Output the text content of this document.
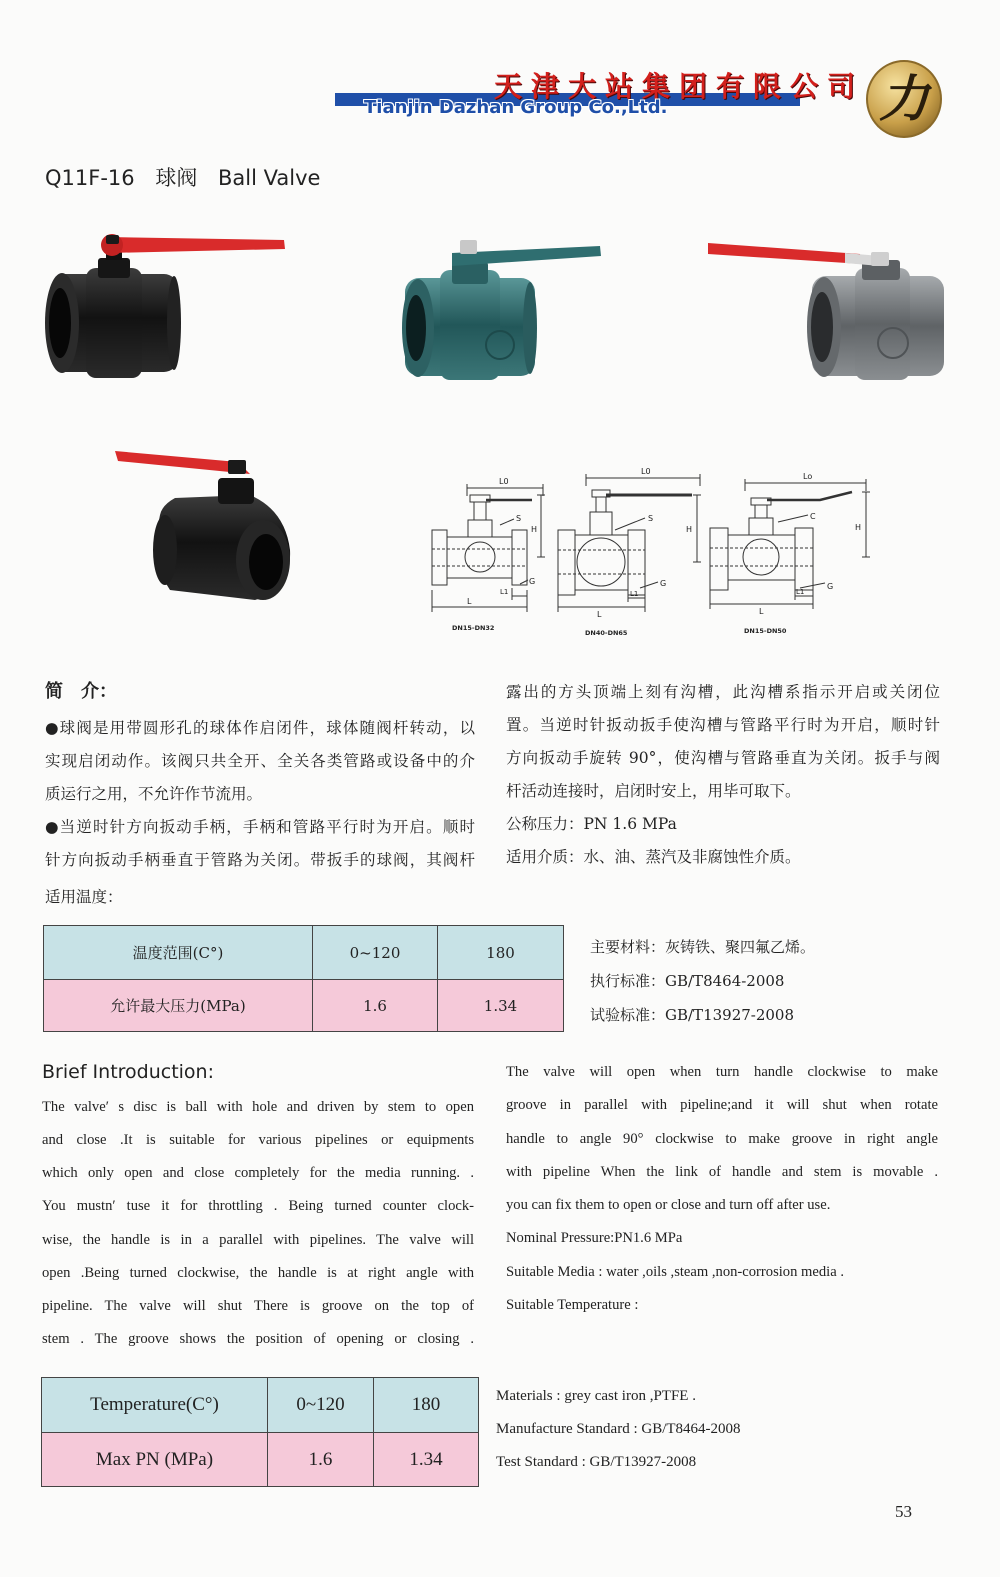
天津大站集团有限公司
Tianjin Dazhan Group Co.,Ltd.	力
Q11F-16 球阀 Ball Valve
L0
S
H
G
L1
L
DN15-DN32
L0
S
H
G
L1
L
DN40-DN65
Lo
C
H
G
L1
L
DN15-DN50
简　介：
●球阀是用带圆形孔的球体作启闭件，球体随阀杆转动，以
实现启闭动作。该阀只共全开、全关各类管路或设备中的介
质运行之用，不允许作节流用。
●当逆时针方向扳动手柄，手柄和管路平行时为开启。顺时
针方向扳动手柄垂直于管路为关闭。带扳手的球阀，其阀杆
适用温度：
露出的方头顶端上刻有沟槽，此沟槽系指示开启或关闭位
置。当逆时针扳动扳手使沟槽与管路平行时为开启，顺时针
方向扳动手旋转 90°，使沟槽与管路垂直为关闭。扳手与阀
杆活动连接时，启闭时安上，用毕可取下。
公称压力：PN 1.6 MPa
适用介质：水、油、蒸汽及非腐蚀性介质。
温度范围(C°)	0~120	180
允许最大压力(MPa)	1.6	1.34
主要材料：灰铸铁、聚四氟乙烯。
执行标准：GB/T8464-2008
试验标准：GB/T13927-2008
Brief Introduction:
The valve′ s disc is ball with hole and driven by stem to open
and close .It is suitable for various pipelines or equipments
which only open and close completely for the media running. .
You mustn′ tuse it for throttling . Being turned counter clock-
wise, the handle is in a parallel with pipelines. The valve will
open .Being turned clockwise, the handle is at right angle with
pipeline. The valve will shut There is groove on the top of
stem . The groove shows the position of opening or closing .
The valve will open when turn handle clockwise to make
groove in parallel with pipeline;and it will shut when rotate
handle to angle 90° clockwise to make groove in right angle
with pipeline When the link of handle and stem is movable .
you can fix them to open or close and turn off after use.
Nominal Pressure:PN1.6 MPa
Suitable Media : water ,oils ,steam ,non-corrosion media .
Suitable Temperature :
Temperature(C°)	0~120	180
Max PN (MPa)	1.6	1.34
Materials : grey cast iron ,PTFE .
Manufacture Standard : GB/T8464-2008
Test Standard : GB/T13927-2008
53
